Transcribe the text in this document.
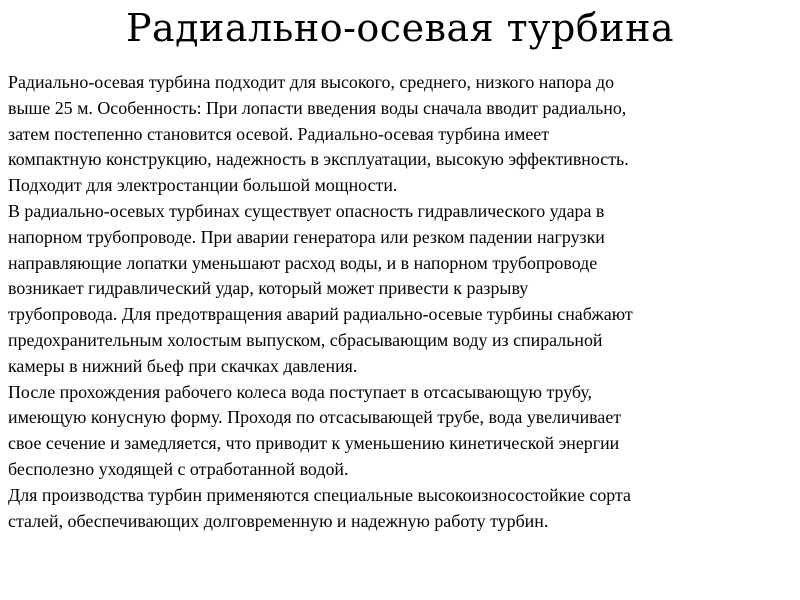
Радиально-осевая турбина
Радиально-осевая турбина подходит для высокого, среднего, низкого напора до
выше 25 м. Особенность: При лопасти введения воды сначала вводит радиально,
затем постепенно становится осевой. Радиально-осевая турбина имеет
компактную конструкцию, надежность в эксплуатации, высокую эффективность.
Подходит для электростанции большой мощности.
В радиально-осевых турбинах существует опасность гидравлического удара в
напорном трубопроводе. При аварии генератора или резком падении нагрузки
направляющие лопатки уменьшают расход воды, и в напорном трубопроводе
возникает гидравлический удар, который может привести к разрыву
трубопровода. Для предотвращения аварий радиально-осевые турбины снабжают
предохранительным холостым выпуском, сбрасывающим воду из спиральной
камеры в нижний бьеф при скачках давления.
После прохождения рабочего колеса вода поступает в отсасывающую трубу,
имеющую конусную форму. Проходя по отсасывающей трубе, вода увеличивает
свое сечение и замедляется, что приводит к уменьшению кинетической энергии
бесполезно уходящей с отработанной водой.
Для производства турбин применяются специальные высокоизносостойкие сорта
сталей, обеспечивающих долговременную и надежную работу турбин.
